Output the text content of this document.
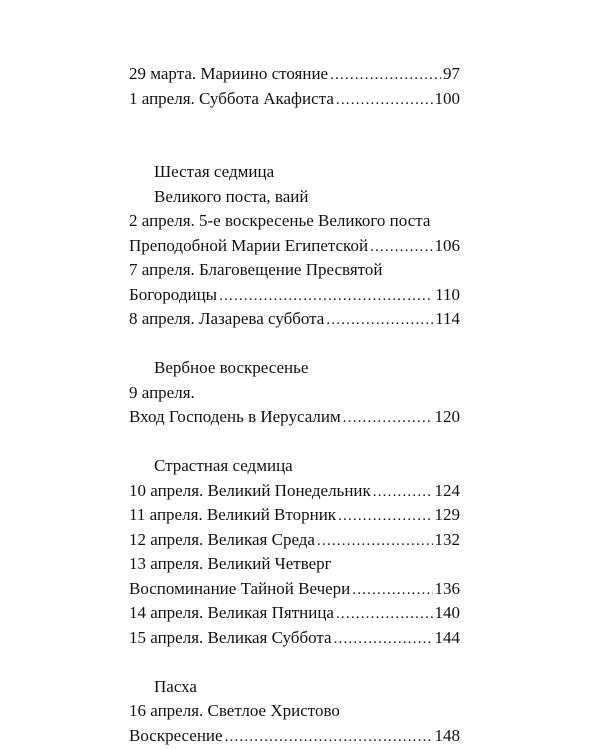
29 марта. Мариино стояние .....	97
1 апреля. Суббота Акафиста .....	100
Шестая седмица
Великого поста, ваий
2 апреля. 5-е воскресенье Великого поста
Преподобной Марии Египетской .....	106
7 апреля. Благовещение Пресвятой
Богородицы .....	110
8 апреля. Лазарева суббота .....	114
Вербное воскресенье
9 апреля.
Вход Господень в Иерусалим .....	120
Страстная седмица
10 апреля. Великий Понедельник .....	124
11 апреля. Великий Вторник .....	129
12 апреля. Великая Среда .....	132
13 апреля. Великий Четверг
Воспоминание Тайной Вечери .....	136
14 апреля. Великая Пятница .....	140
15 апреля. Великая Суббота .....	144
Пасха
16 апреля. Светлое Христово
Воскресение .....	148
